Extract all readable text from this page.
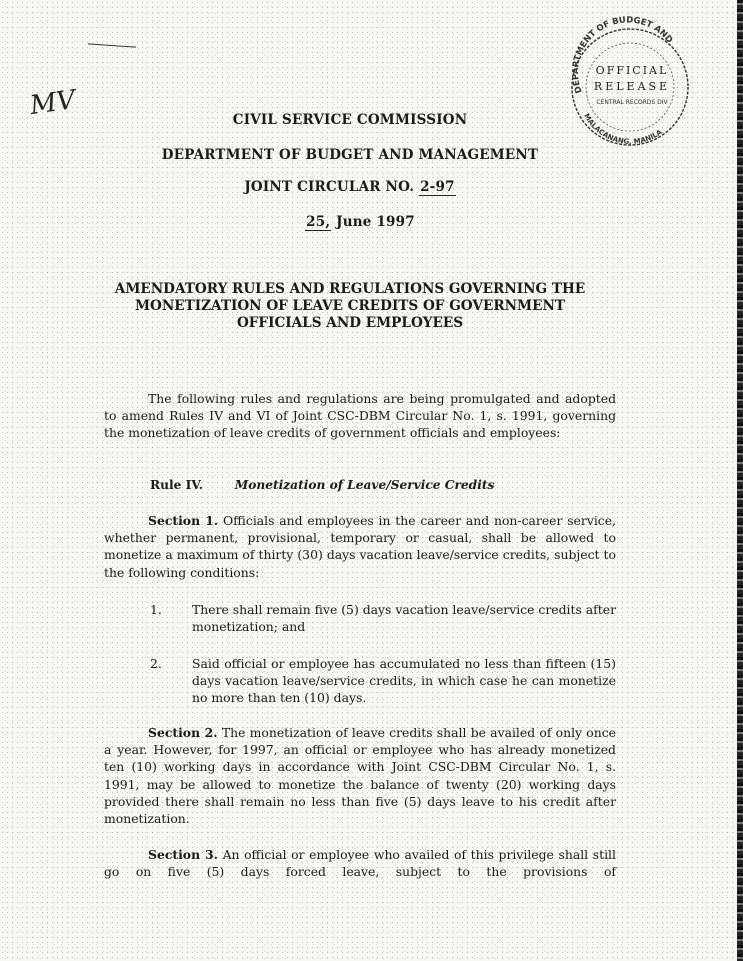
MV	DEPARTMENT OF BUDGET AND
OFFICIAL
RELEASE
CENTRAL RECORDS DIV
MALACANANG, MANILA
CIVIL SERVICE COMMISSION
DEPARTMENT OF BUDGET AND MANAGEMENT
JOINT CIRCULAR NO. 2-97
25, June 1997
AMENDATORY RULES AND REGULATIONS GOVERNING THE
MONETIZATION OF LEAVE CREDITS OF GOVERNMENT
OFFICIALS AND EMPLOYEES
The following rules and regulations are being promulgated and adopted to amend Rules IV and VI of Joint CSC-DBM Circular No. 1, s. 1991, governing the monetization of leave credits of government officials and employees:
Rule IV.	Monetization of Leave/Service Credits
Section 1. Officials and employees in the career and non-career service, whether permanent, provisional, temporary or casual, shall be allowed to monetize a maximum of thirty (30) days vacation leave/service credits, subject to the following conditions:
1.	There shall remain five (5) days vacation leave/service credits after monetization; and
2.	Said official or employee has accumulated no less than fifteen (15) days vacation leave/service credits, in which case he can monetize no more than ten (10) days.
Section 2. The monetization of leave credits shall be availed of only once a year. However, for 1997, an official or employee who has already monetized ten (10) working days in accordance with Joint CSC-DBM Circular No. 1, s. 1991, may be allowed to monetize the balance of twenty (20) working days provided there shall remain no less than five (5) days leave to his credit after monetization.
Section 3. An official or employee who availed of this privilege shall still go on five (5) days forced leave, subject to the provisions of
